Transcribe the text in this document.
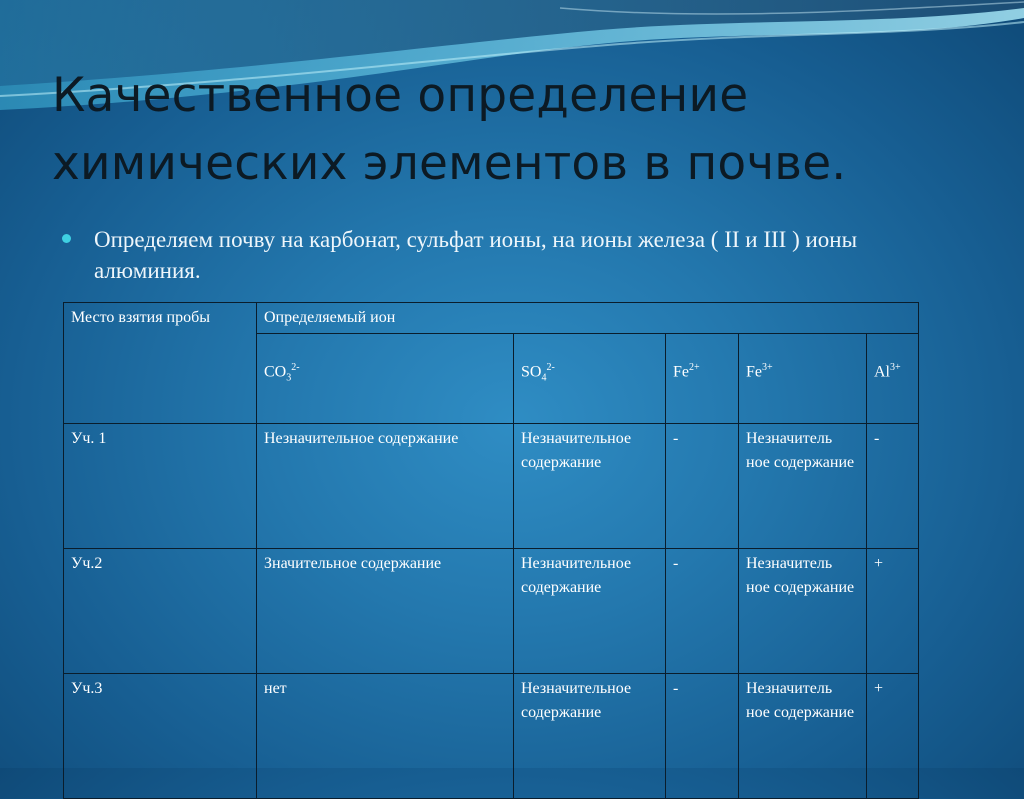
Качественное определение химических элементов в почве.
Определяем почву на карбонат, сульфат ионы, на ионы железа ( II и III ) ионы алюминия.
Место взятия пробы	Определяемый ион				
	$CO_3^{2-}$	$SO_4^{2-}$	$Fe^{2+}$	$Fe^{3+}$	$Al^{3+}$
Уч. 1	Незначительное содержание	Незначительное содержание	-	Незначитель ное содержание	-
Уч.2	Значительное содержание	Незначительное содержание	-	Незначитель ное содержание	+
Уч.3	нет	Незначительное содержание	-	Незначитель ное содержание	+
